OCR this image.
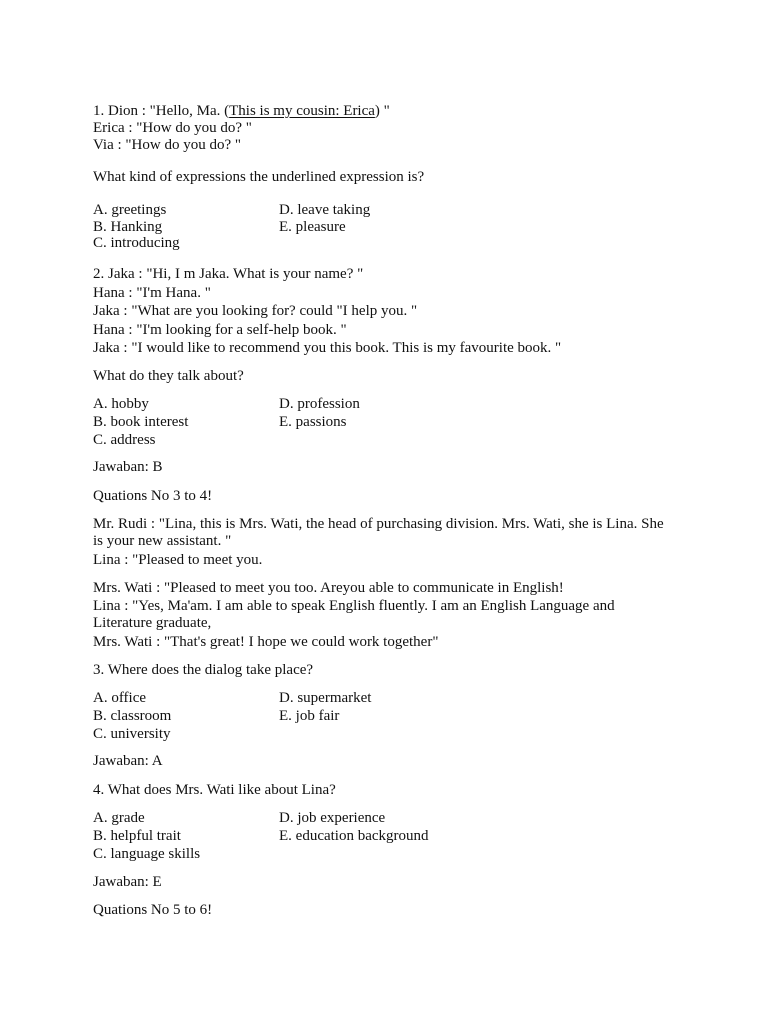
1. Dion : "Hello, Ma. (This is my cousin: Erica) "
Erica : "How do you do? "
Via : "How do you do? "
What kind of expressions the underlined expression is?
A. greetings	D. leave taking
B. Hanking	E. pleasure
C. introducing
2. Jaka : "Hi, I m Jaka. What is your name? "
Hana : "I'm Hana. "
Jaka : "What are you looking for? could "I help you. "
Hana : "I'm looking for a self-help book. "
Jaka : "I would like to recommend you this book. This is my favourite book. "
What do they talk about?
A. hobby	D. profession
B. book interest	E. passions
C. address
Jawaban: B
Quations No 3 to 4!
Mr. Rudi : "Lina, this is Mrs. Wati, the head of purchasing division. Mrs. Wati, she is Lina. She is your new assistant. "
Lina : "Pleased to meet you.
Mrs. Wati : "Pleased to meet you too. Areyou able to communicate in English!
Lina : "Yes, Ma'am. I am able to speak English fluently. I am an English Language and Literature graduate,
Mrs. Wati : "That's great! I hope we could work together"
3. Where does the dialog take place?
A. office	D. supermarket
B. classroom	E. job fair
C. university
Jawaban: A
4. What does Mrs. Wati like about Lina?
A. grade	D. job experience
B. helpful trait	E. education background
C. language skills
Jawaban: E
Quations No 5 to 6!
